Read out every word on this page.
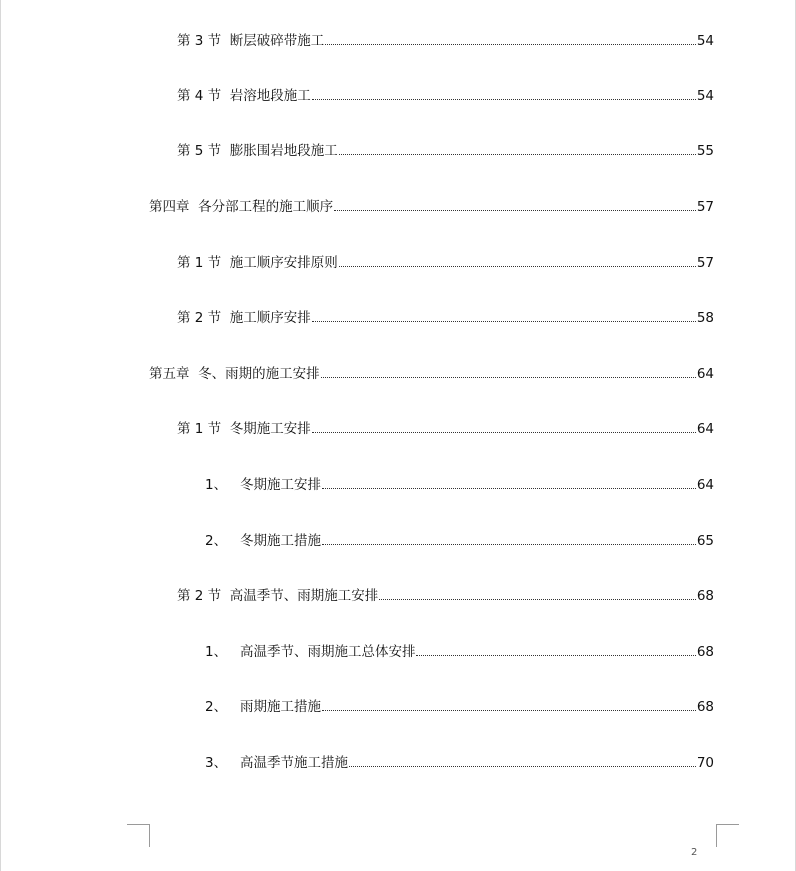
第 3 节  断层破碎带施工	54
第 4 节  岩溶地段施工	54
第 5 节  膨胀围岩地段施工	55
第四章  各分部工程的施工顺序	57
第 1 节  施工顺序安排原则	57
第 2 节  施工顺序安排	58
第五章  冬、雨期的施工安排	64
第 1 节  冬期施工安排	64
1、   冬期施工安排	64
2、   冬期施工措施	65
第 2 节  高温季节、雨期施工安排	68
1、   高温季节、雨期施工总体安排	68
2、   雨期施工措施	68
3、   高温季节施工措施	70
2
